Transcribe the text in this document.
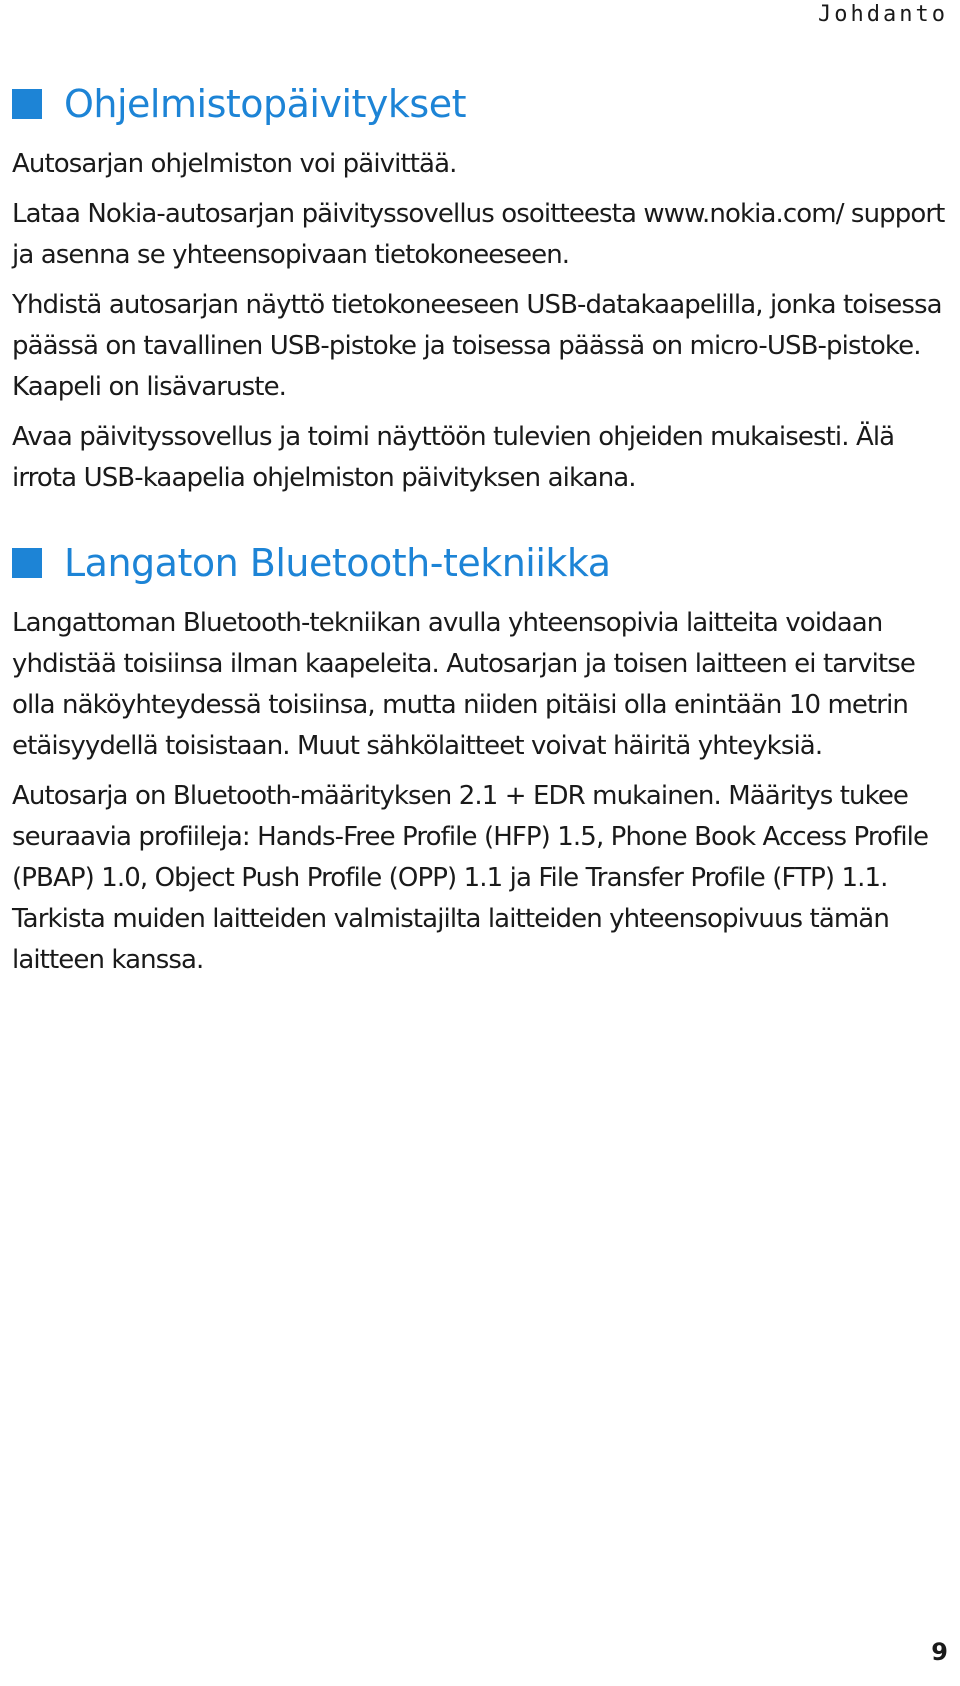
Johdanto
Ohjelmistopäivitykset

Autosarjan ohjelmiston voi päivittää.

Lataa Nokia-autosarjan päivityssovellus osoitteesta www.nokia.com/ support ja asenna se yhteensopivaan tietokoneeseen.

Yhdistä autosarjan näyttö tietokoneeseen USB-datakaapelilla, jonka toisessa päässä on tavallinen USB-pistoke ja toisessa päässä on micro-USB-pistoke. Kaapeli on lisävaruste.

Avaa päivityssovellus ja toimi näyttöön tulevien ohjeiden mukaisesti. Älä irrota USB-kaapelia ohjelmiston päivityksen aikana.

Langaton Bluetooth-tekniikka

Langattoman Bluetooth-tekniikan avulla yhteensopivia laitteita voidaan yhdistää toisiinsa ilman kaapeleita. Autosarjan ja toisen laitteen ei tarvitse olla näköyhteydessä toisiinsa, mutta niiden pitäisi olla enintään 10 metrin etäisyydellä toisistaan. Muut sähkölaitteet voivat häiritä yhteyksiä.

Autosarja on Bluetooth-määrityksen 2.1 + EDR mukainen. Määritys tukee seuraavia profiileja: Hands-Free Profile (HFP) 1.5, Phone Book Access Profile (PBAP) 1.0, Object Push Profile (OPP) 1.1 ja File Transfer Profile (FTP) 1.1. Tarkista muiden laitteiden valmistajilta laitteiden yhteensopivuus tämän laitteen kanssa.

9
